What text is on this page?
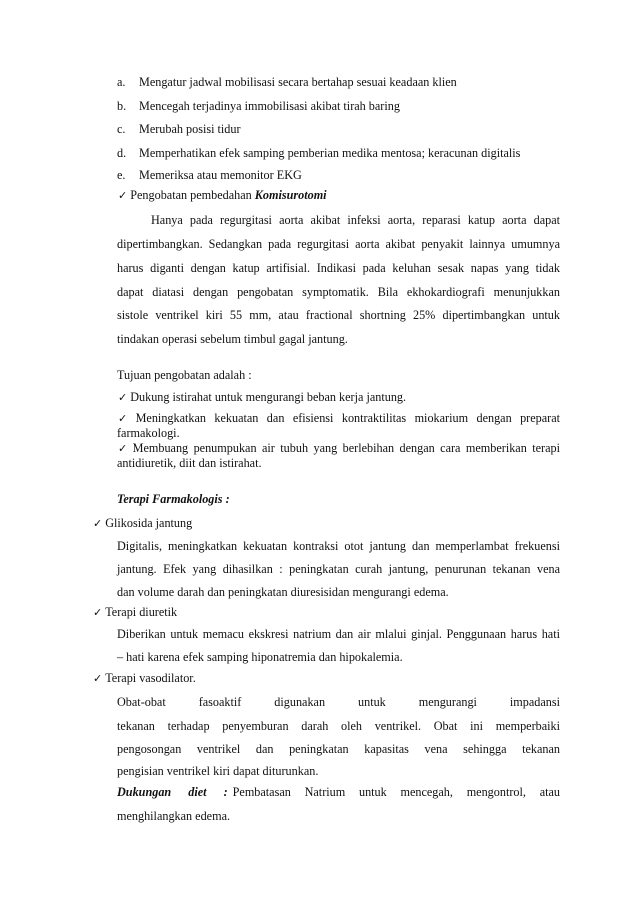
a. Mengatur jadwal mobilisasi secara bertahap sesuai keadaan klien
b. Mencegah terjadinya immobilisasi akibat tirah baring
c. Merubah posisi tidur
d. Memperhatikan efek samping pemberian medika mentosa; keracunan digitalis
e. Memeriksa atau memonitor EKG
✓ Pengobatan pembedahan Komisurotomi
Hanya pada regurgitasi aorta akibat infeksi aorta, reparasi katup aorta dapat
dipertimbangkan. Sedangkan pada regurgitasi aorta akibat penyakit lainnya umumnya
harus diganti dengan katup artifisial. Indikasi pada keluhan sesak napas yang tidak
dapat diatasi dengan pengobatan symptomatik. Bila ekhokardiografi menunjukkan
sistole ventrikel kiri 55 mm, atau fractional shortning 25% dipertimbangkan untuk
tindakan operasi sebelum timbul gagal jantung.
Tujuan pengobatan adalah :
✓ Dukung istirahat untuk mengurangi beban kerja jantung.
✓ Meningkatkan kekuatan dan efisiensi kontraktilitas miokarium dengan preparat
farmakologi.
✓ Membuang penumpukan air tubuh yang berlebihan dengan cara memberikan terapi
antidiuretik, diit dan istirahat.
Terapi Farmakologis :
✓ Glikosida jantung
Digitalis, meningkatkan kekuatan kontraksi otot jantung dan memperlambat frekuensi
jantung. Efek yang dihasilkan : peningkatan curah jantung, penurunan tekanan vena
dan volume darah dan peningkatan diuresisidan mengurangi edema.
✓ Terapi diuretik
Diberikan untuk memacu ekskresi natrium dan air mlalui ginjal. Penggunaan harus hati
– hati karena efek samping hiponatremia dan hipokalemia.
✓ Terapi vasodilator.
Obat-obat fasoaktif digunakan untuk mengurangi impadansi
tekanan terhadap penyemburan darah oleh ventrikel. Obat ini memperbaiki
pengosongan ventrikel dan peningkatan kapasitas vena sehingga tekanan
pengisian ventrikel kiri dapat diturunkan.
Dukungan diet : Pembatasan Natrium untuk mencegah, mengontrol, atau
menghilangkan edema.
